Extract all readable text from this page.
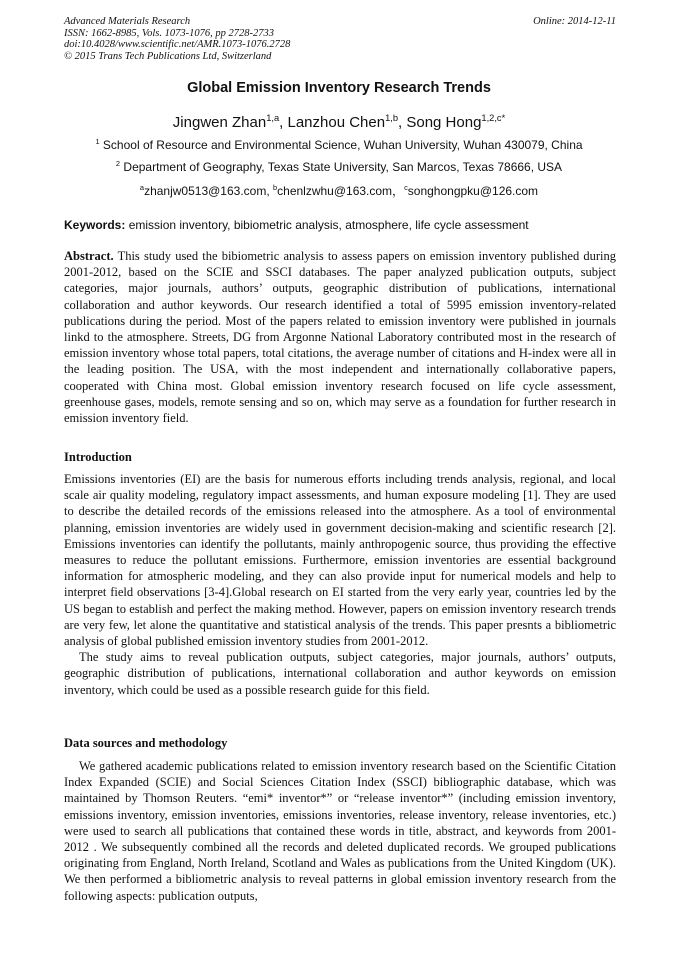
Advanced Materials Research
ISSN: 1662-8985, Vols. 1073-1076, pp 2728-2733
doi:10.4028/www.scientific.net/AMR.1073-1076.2728
© 2015 Trans Tech Publications Ltd, Switzerland
Online: 2014-12-11
Global Emission Inventory Research Trends
Jingwen Zhan$^{1,a}$, Lanzhou Chen$^{1,b}$, Song Hong$^{1,2,c*}$
$^1$ School of Resource and Environmental Science, Wuhan University, Wuhan 430079, China
$^2$ Department of Geography, Texas State University, San Marcos, Texas 78666, USA
$^a$zhanjw0513@163.com, $^b$chenlzwhu@163.com，$^c$songhongpku@126.com
Keywords: emission inventory, bibiometric analysis, atmosphere, life cycle assessment

Abstract. This study used the bibiometric analysis to assess papers on emission inventory published during 2001-2012, based on the SCIE and SSCI databases. The paper analyzed publication outputs, subject categories, major journals, authors’ outputs, geographic distribution of publications, international collaboration and author keywords. Our research identified a total of 5995 emission inventory-related publications during the period. Most of the papers related to emission inventory were published in journals linkd to the atmosphere. Streets, DG from Argonne National Laboratory contributed most in the research of emission inventory whose total papers, total citations, the average number of citations and H-index were all in the leading position. The USA, with the most independent and internationally collaborative papers, cooperated with China most. Global emission inventory research focused on life cycle assessment, greenhouse gases, models, remote sensing and so on, which may serve as a foundation for further research in emission inventory field.

Introduction

Emissions inventories (EI) are the basis for numerous efforts including trends analysis, regional, and local scale air quality modeling, regulatory impact assessments, and human exposure modeling [1]. They are used to describe the detailed records of the emissions released into the atmosphere. As a tool of environmental planning, emission inventories are widely used in government decision-making and scientific research [2]. Emissions inventories can identify the pollutants, mainly anthropogenic source, thus providing the effective measures to reduce the pollutant emissions. Furthermore, emission inventories are essential background information for atmospheric modeling, and they can also provide input for numerical models and help to interpret field observations [3-4].Global research on EI started from the very early year, countries led by the US began to establish and perfect the making method. However, papers on emission inventory research trends are very few, let alone the quantitative and statistical analysis of the trends. This paper presnts a bibliometric analysis of global published emission inventory studies from 2001-2012.

The study aims to reveal publication outputs, subject categories, major journals, authors’ outputs, geographic distribution of publications, international collaboration and author keywords on emission inventory, which could be used as a possible research guide for this field.

Data sources and methodology

We gathered academic publications related to emission inventory research based on the Scientific Citation Index Expanded (SCIE) and Social Sciences Citation Index (SSCI) bibliographic database, which was maintained by Thomson Reuters. “emi* inventor*” or “release inventor*” (including emission inventory, emissions inventory, emission inventories, emissions inventories, release inventory, release inventories, etc.) were used to search all publications that contained these words in title, abstract, and keywords from 2001-2012 . We subsequently combined all the records and deleted duplicated records. We grouped publications originating from England, North Ireland, Scotland and Wales as publications from the United Kingdom (UK). We then performed a bibliometric analysis to reveal patterns in global emission inventory research from the following aspects: publication outputs,
